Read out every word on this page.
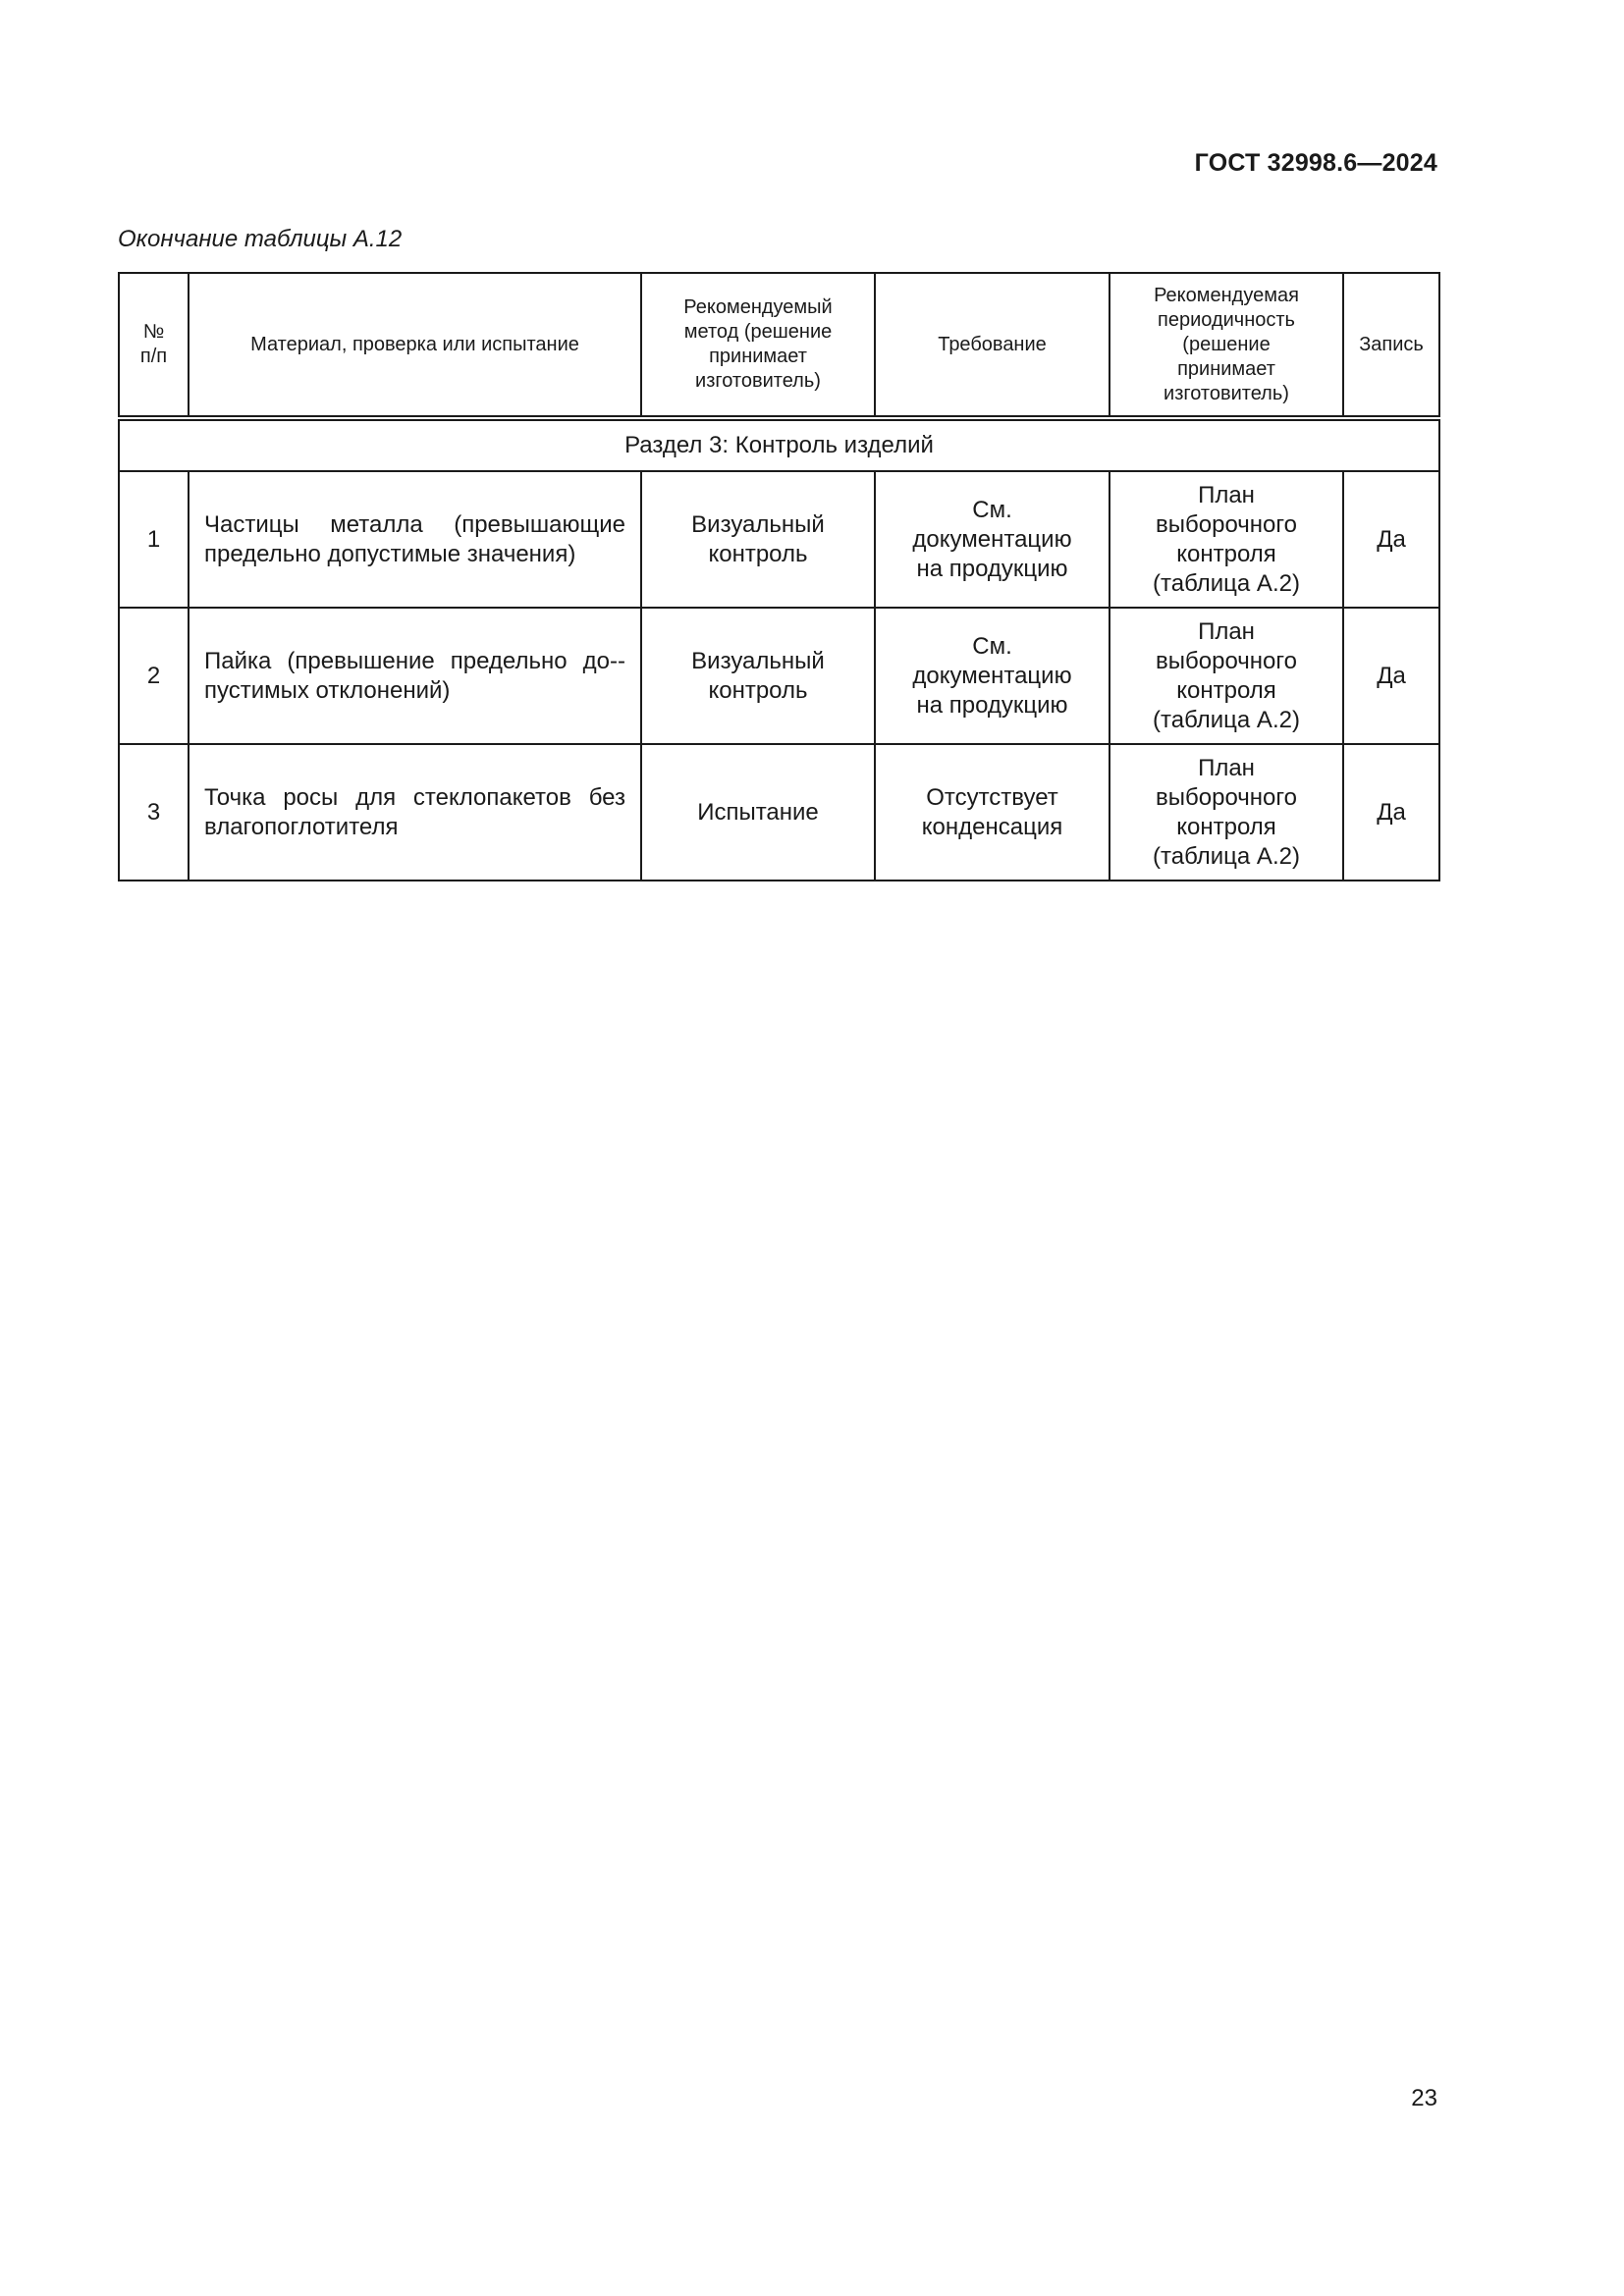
ГОСТ 32998.6—2024
Окончание таблицы А.12
№
п/п	Материал, проверка или испытание	Рекомендуемый метод (решение принимает изготовитель)	Требование	Рекомендуемая периодичность (решение принимает изготовитель)	Запись

Раздел 3: Контроль изделий					
1	Частицы металла (превышающие предельно допустимые значения)	Визуальный контроль	См. документацию на продукцию	План выборочного контроля (таблица А.2)	Да
2	Пайка (превышение предельно до-пустимых отклонений)	Визуальный контроль	См. документацию на продукцию	План выборочного контроля (таблица А.2)	Да
3	Точка росы для стеклопакетов без влагопоглотителя	Испытание	Отсутствует конденсация	План выборочного контроля (таблица А.2)	Да
23
